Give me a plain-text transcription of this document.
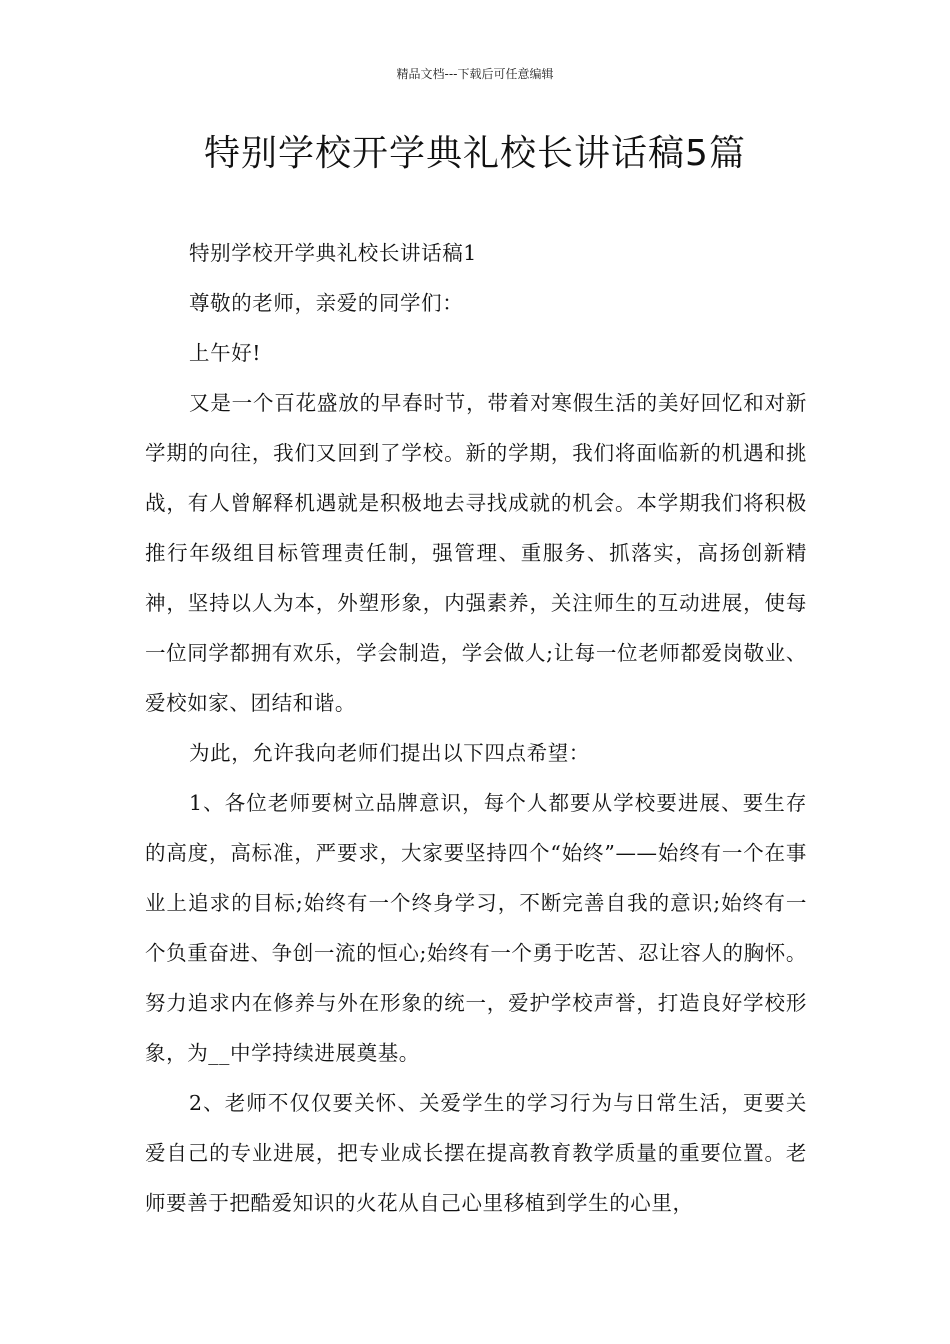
精品文档---下载后可任意编辑
特别学校开学典礼校长讲话稿5篇

特别学校开学典礼校长讲话稿1

尊敬的老师，亲爱的同学们：

上午好!

又是一个百花盛放的早春时节，带着对寒假生活的美好回忆和对新学期的向往，我们又回到了学校。新的学期，我们将面临新的机遇和挑战，有人曾解释机遇就是积极地去寻找成就的机会。本学期我们将积极推行年级组目标管理责任制，强管理、重服务、抓落实，高扬创新精神，坚持以人为本，外塑形象，内强素养，关注师生的互动进展，使每一位同学都拥有欢乐，学会制造，学会做人;让每一位老师都爱岗敬业、爱校如家、团结和谐。

为此，允许我向老师们提出以下四点希望：

1、各位老师要树立品牌意识，每个人都要从学校要进展、要生存的高度，高标准，严要求，大家要坚持四个“始终”——始终有一个在事业上追求的目标;始终有一个终身学习，不断完善自我的意识;始终有一个负重奋进、争创一流的恒心;始终有一个勇于吃苦、忍让容人的胸怀。努力追求内在修养与外在形象的统一，爱护学校声誉，打造良好学校形象，为__中学持续进展奠基。

2、老师不仅仅要关怀、关爱学生的学习行为与日常生活，更要关爱自己的专业进展，把专业成长摆在提高教育教学质量的重要位置。老师要善于把酷爱知识的火花从自己心里移植到学生的心里，
